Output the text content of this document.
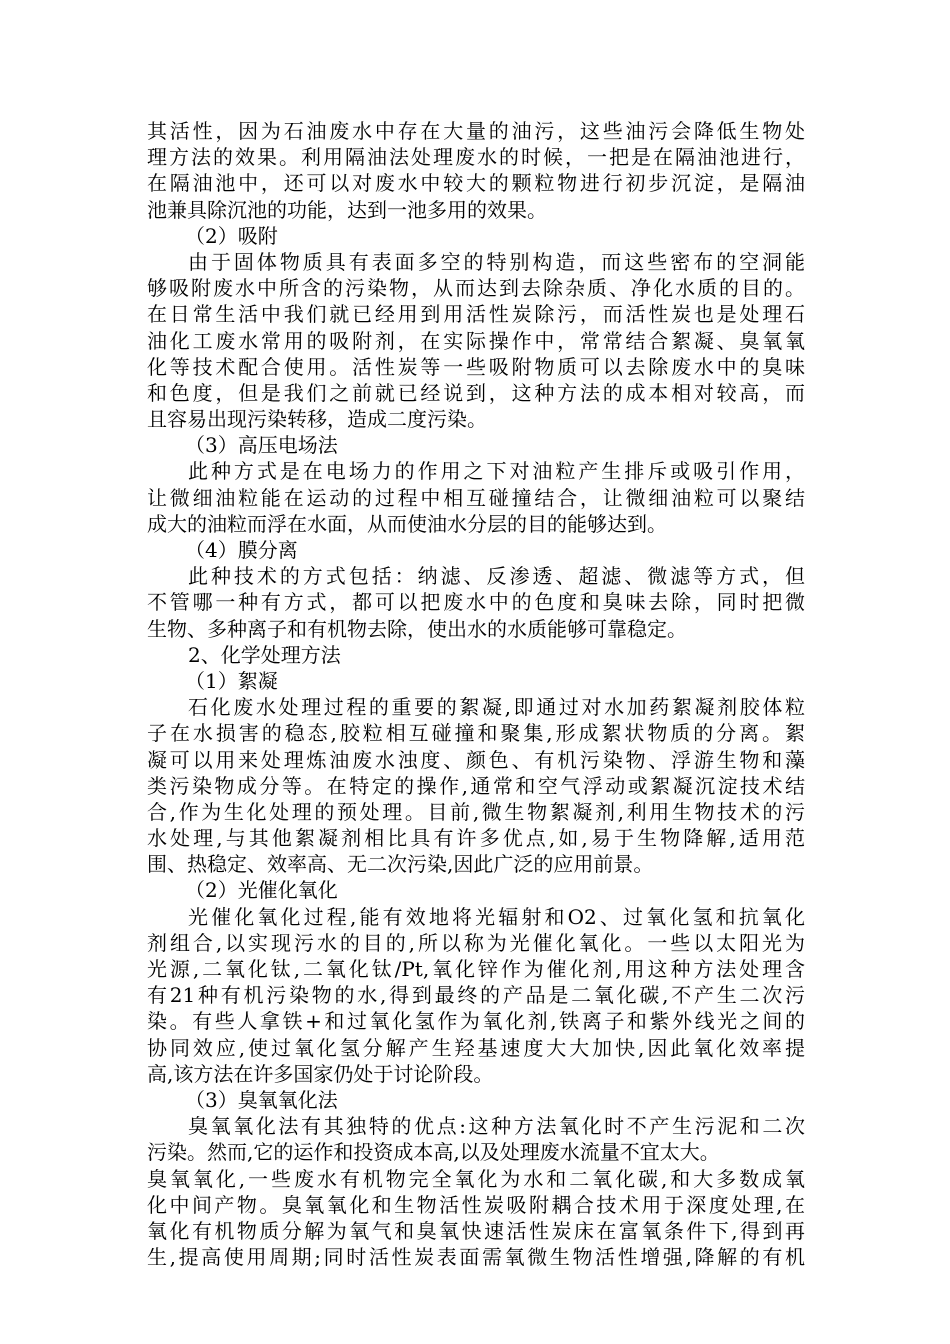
其活性，因为石油废水中存在大量的油污，这些油污会降低生物处
理方法的效果。利用隔油法处理废水的时候，一把是在隔油池进行，
在隔油池中，还可以对废水中较大的颗粒物进行初步沉淀，是隔油
池兼具除沉池的功能，达到一池多用的效果。
（2）吸附
由于固体物质具有表面多空的特别构造，而这些密布的空洞能
够吸附废水中所含的污染物，从而达到去除杂质、净化水质的目的。
在日常生活中我们就已经用到用活性炭除污，而活性炭也是处理石
油化工废水常用的吸附剂，在实际操作中，常常结合絮凝、臭氧氧
化等技术配合使用。活性炭等一些吸附物质可以去除废水中的臭味
和色度，但是我们之前就已经说到，这种方法的成本相对较高，而
且容易出现污染转移，造成二度污染。
（3）高压电场法
此种方式是在电场力的作用之下对油粒产生排斥或吸引作用，
让微细油粒能在运动的过程中相互碰撞结合，让微细油粒可以聚结
成大的油粒而浮在水面，从而使油水分层的目的能够达到。
（4）膜分离
此种技术的方式包括：纳滤、反渗透、超滤、微滤等方式，但
不管哪一种有方式，都可以把废水中的色度和臭味去除，同时把微
生物、多种离子和有机物去除，使出水的水质能够可靠稳定。
2、化学处理方法
（1）絮凝
石化废水处理过程的重要的絮凝,即通过对水加药絮凝剂胶体粒
子在水损害的稳态,胶粒相互碰撞和聚集,形成絮状物质的分离。絮
凝可以用来处理炼油废水浊度、颜色、有机污染物、浮游生物和藻
类污染物成分等。在特定的操作,通常和空气浮动或絮凝沉淀技术结
合,作为生化处理的预处理。目前,微生物絮凝剂,利用生物技术的污
水处理,与其他絮凝剂相比具有许多优点,如,易于生物降解,适用范
围、热稳定、效率高、无二次污染,因此广泛的应用前景。
（2）光催化氧化
光催化氧化过程,能有效地将光辐射和O2、过氧化氢和抗氧化
剂组合,以实现污水的目的,所以称为光催化氧化。一些以太阳光为
光源,二氧化钛,二氧化钛/Pt,氧化锌作为催化剂,用这种方法处理含
有21种有机污染物的水,得到最终的产品是二氧化碳,不产生二次污
染。有些人拿铁+和过氧化氢作为氧化剂,铁离子和紫外线光之间的
协同效应,使过氧化氢分解产生羟基速度大大加快,因此氧化效率提
高,该方法在许多国家仍处于讨论阶段。
（3）臭氧氧化法
臭氧氧化法有其独特的优点:这种方法氧化时不产生污泥和二次
污染。然而,它的运作和投资成本高,以及处理废水流量不宜太大。
臭氧氧化,一些废水有机物完全氧化为水和二氧化碳,和大多数成氧
化中间产物。臭氧氧化和生物活性炭吸附耦合技术用于深度处理,在
氧化有机物质分解为氧气和臭氧快速活性炭床在富氧条件下,得到再
生,提高使用周期;同时活性炭表面需氧微生物活性增强,降解的有机
